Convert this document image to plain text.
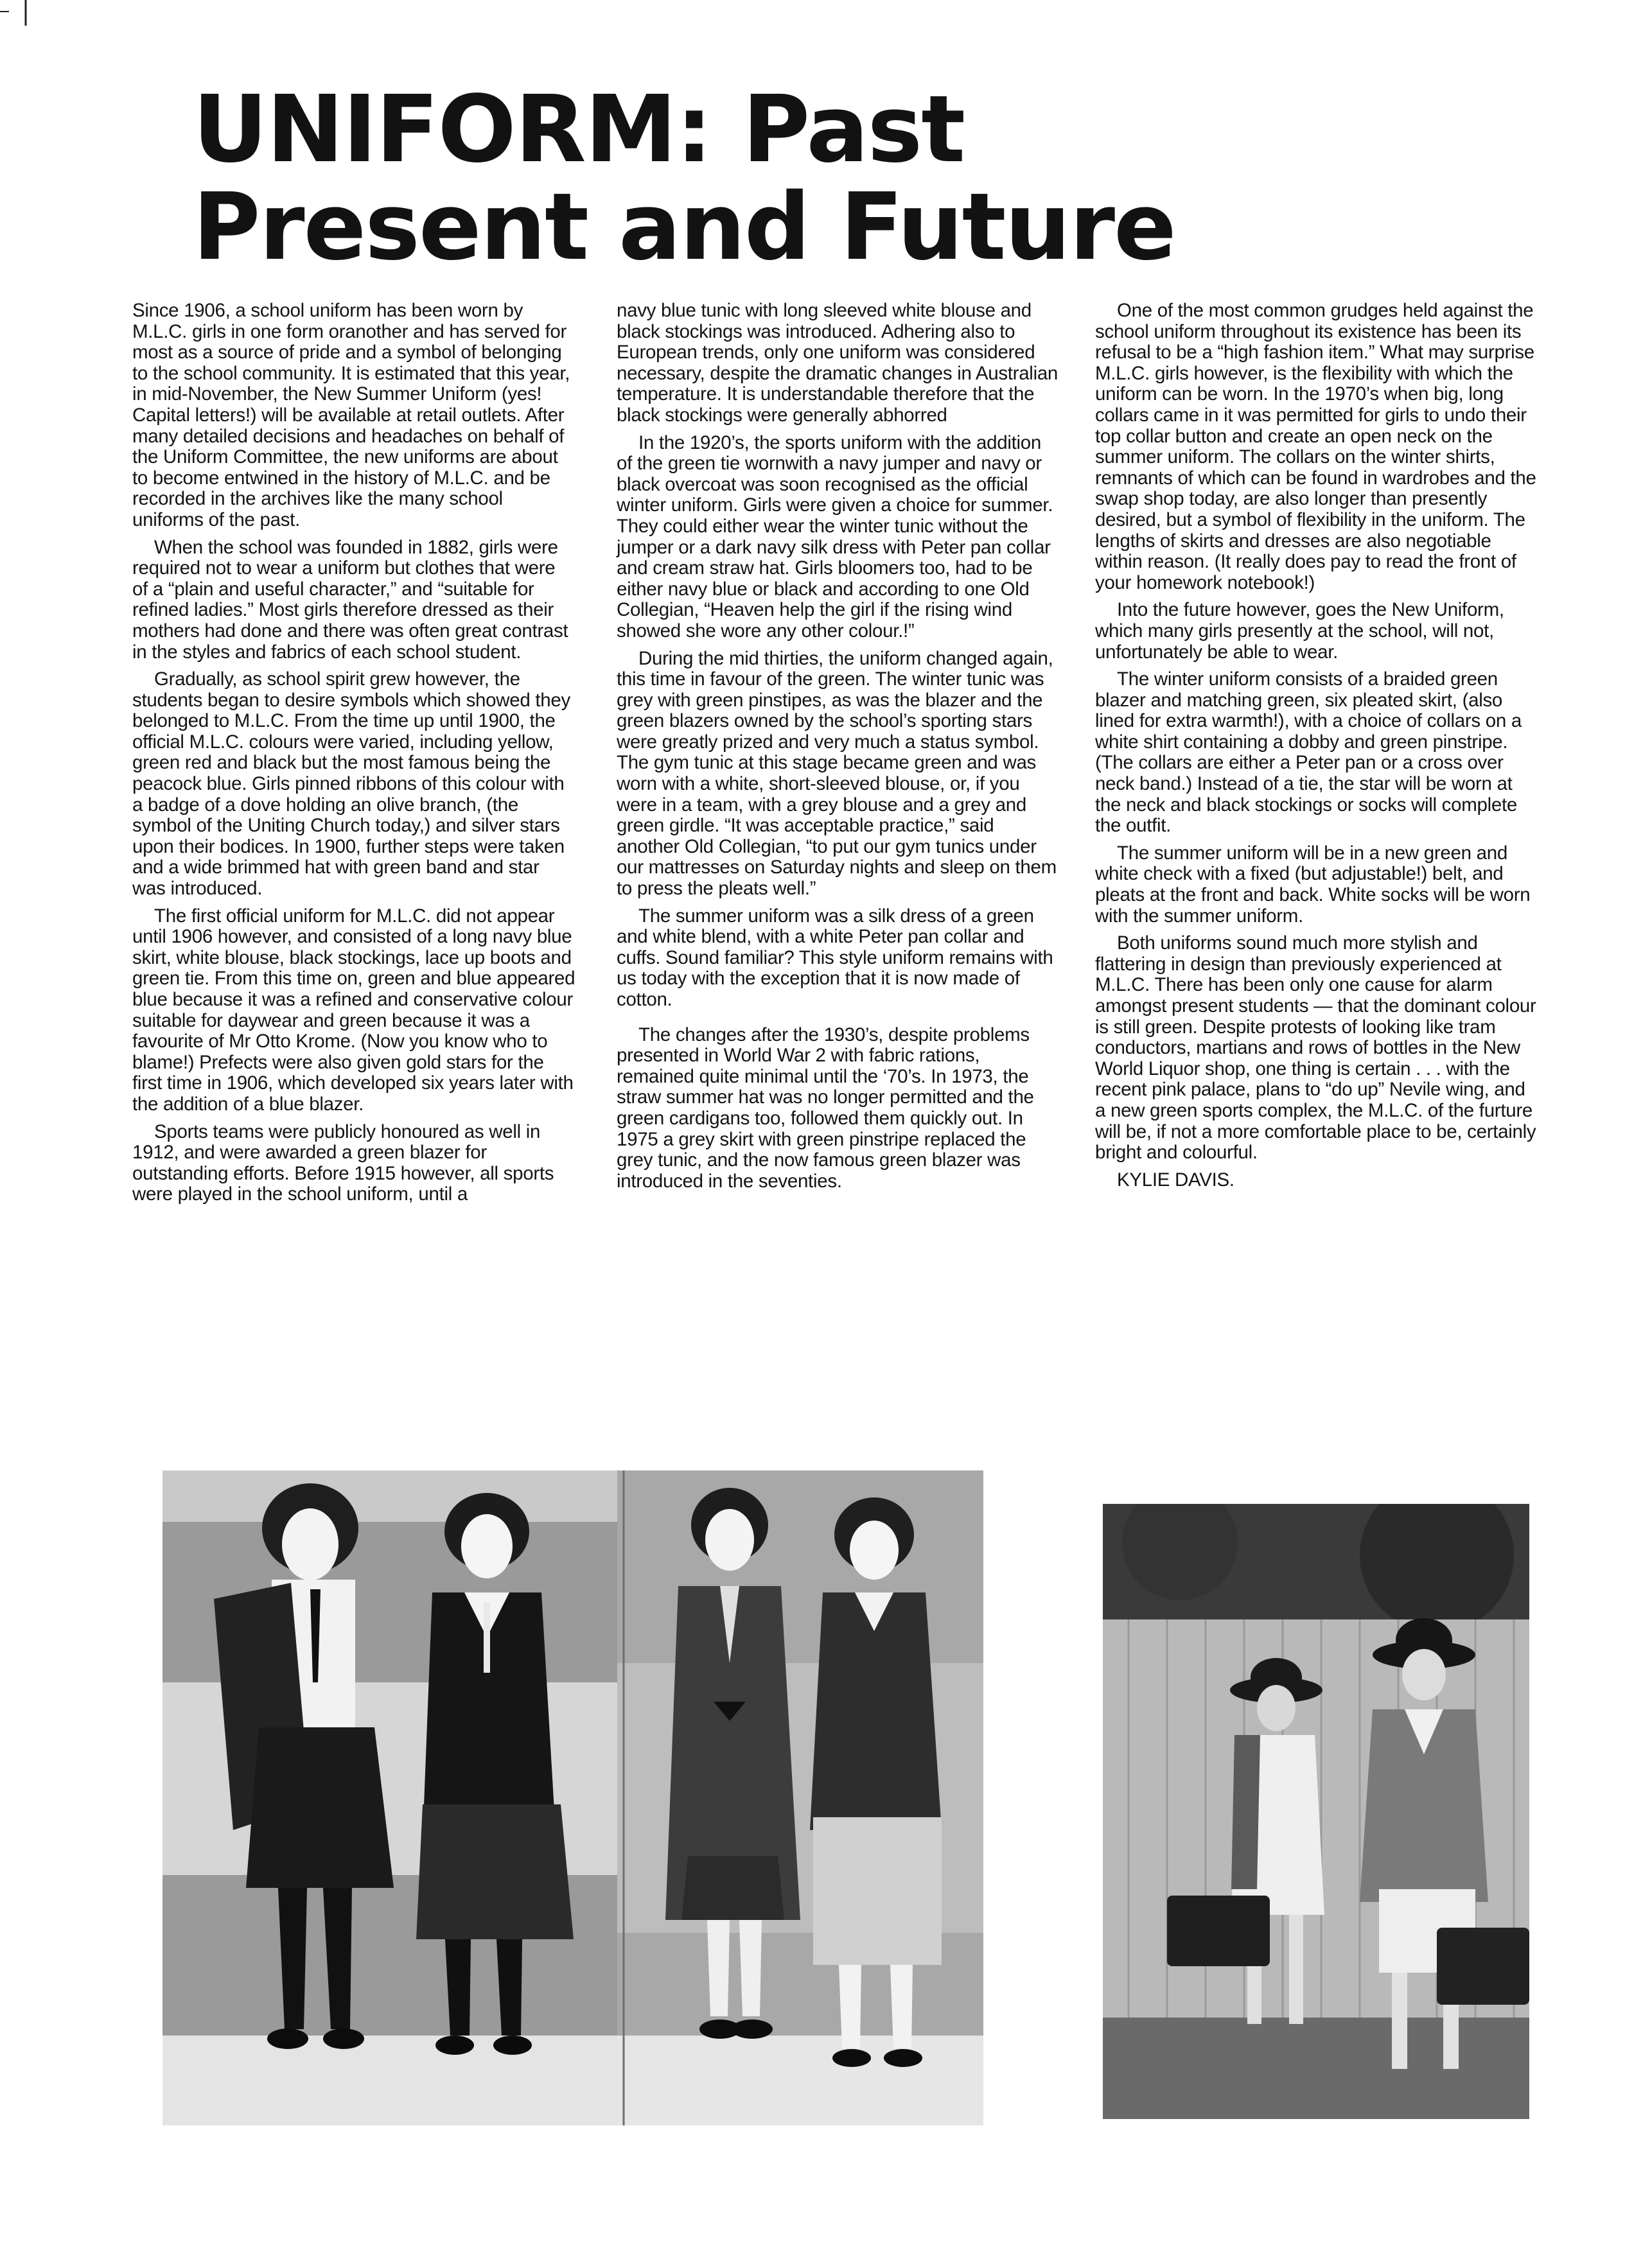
UNIFORM: Past
Present and Future

Since 1906, a school uniform has been worn by M.L.C. girls in one form oranother and has served for most as a source of pride and a symbol of belonging to the school community. It is estimated that this year, in mid-November, the New Summer Uniform (yes! Capital letters!) will be available at retail outlets. After many detailed decisions and headaches on behalf of the Uniform Committee, the new uniforms are about to become entwined in the history of M.L.C. and be recorded in the archives like the many school uniforms of the past.

When the school was founded in 1882, girls were required not to wear a uniform but clothes that were of a “plain and useful character,” and “suitable for refined ladies.” Most girls therefore dressed as their mothers had done and there was often great contrast in the styles and fabrics of each school student.

Gradually, as school spirit grew however, the students began to desire symbols which showed they belonged to M.L.C. From the time up until 1900, the official M.L.C. colours were varied, including yellow, green red and black but the most famous being the peacock blue. Girls pinned ribbons of this colour with a badge of a dove holding an olive branch, (the symbol of the Uniting Church today,) and silver stars upon their bodices. In 1900, further steps were taken and a wide brimmed hat with green band and star was introduced.

The first official uniform for M.L.C. did not appear until 1906 however, and consisted of a long navy blue skirt, white blouse, black stockings, lace up boots and green tie. From this time on, green and blue appeared blue because it was a refined and conservative colour suitable for daywear and green because it was a favourite of Mr Otto Krome. (Now you know who to blame!) Prefects were also given gold stars for the first time in 1906, which developed six years later with the addition of a blue blazer.

Sports teams were publicly honoured as well in 1912, and were awarded a green blazer for outstanding efforts. Before 1915 however, all sports were played in the school uniform, until a

navy blue tunic with long sleeved white blouse and black stockings was introduced. Adhering also to European trends, only one uniform was considered necessary, despite the dramatic changes in Australian temperature. It is understandable therefore that the black stockings were generally abhorred

In the 1920’s, the sports uniform with the addition of the green tie wornwith a navy jumper and navy or black overcoat was soon recognised as the official winter uniform. Girls were given a choice for summer. They could either wear the winter tunic without the jumper or a dark navy silk dress with Peter pan collar and cream straw hat. Girls bloomers too, had to be either navy blue or black and according to one Old Collegian, “Heaven help the girl if the rising wind showed she wore any other colour.!”

During the mid thirties, the uniform changed again, this time in favour of the green. The winter tunic was grey with green pinstipes, as was the blazer and the green blazers owned by the school’s sporting stars were greatly prized and very much a status symbol. The gym tunic at this stage became green and was worn with a white, short-sleeved blouse, or, if you were in a team, with a grey blouse and a grey and green girdle. “It was acceptable practice,” said another Old Collegian, “to put our gym tunics under our mattresses on Saturday nights and sleep on them to press the pleats well.”

The summer uniform was a silk dress of a green and white blend, with a white Peter pan collar and cuffs. Sound familiar? This style uniform remains with us today with the exception that it is now made of cotton.

The changes after the 1930’s, despite problems presented in World War 2 with fabric rations, remained quite minimal until the ‘70’s. In 1973, the straw summer hat was no longer permitted and the green cardigans too, followed them quickly out. In 1975 a grey skirt with green pinstripe replaced the grey tunic, and the now famous green blazer was introduced in the seventies.

One of the most common grudges held against the school uniform throughout its existence has been its refusal to be a “high fashion item.” What may surprise M.L.C. girls however, is the flexibility with which the uniform can be worn. In the 1970’s when big, long collars came in it was permitted for girls to undo their top collar button and create an open neck on the summer uniform. The collars on the winter shirts, remnants of which can be found in wardrobes and the swap shop today, are also longer than presently desired, but a symbol of flexibility in the uniform. The lengths of skirts and dresses are also negotiable within reason. (It really does pay to read the front of your homework notebook!)

Into the future however, goes the New Uniform, which many girls presently at the school, will not, unfortunately be able to wear.

The winter uniform consists of a braided green blazer and matching green, six pleated skirt, (also lined for extra warmth!), with a choice of collars on a white shirt containing a dobby and green pinstripe. (The collars are either a Peter pan or a cross over neck band.) Instead of a tie, the star will be worn at the neck and black stockings or socks will complete the outfit.

The summer uniform will be in a new green and white check with a fixed (but adjustable!) belt, and pleats at the front and back. White socks will be worn with the summer uniform.

Both uniforms sound much more stylish and flattering in design than previously experienced at M.L.C. There has been only one cause for alarm amongst present students — that the dominant colour is still green. Despite protests of looking like tram conductors, martians and rows of bottles in the New World Liquor shop, one thing is certain . . . with the recent pink palace, plans to “do up” Nevile wing, and a new green sports complex, the M.L.C. of the furture will be, if not a more comfortable place to be, certainly bright and colourful.

KYLIE DAVIS.
